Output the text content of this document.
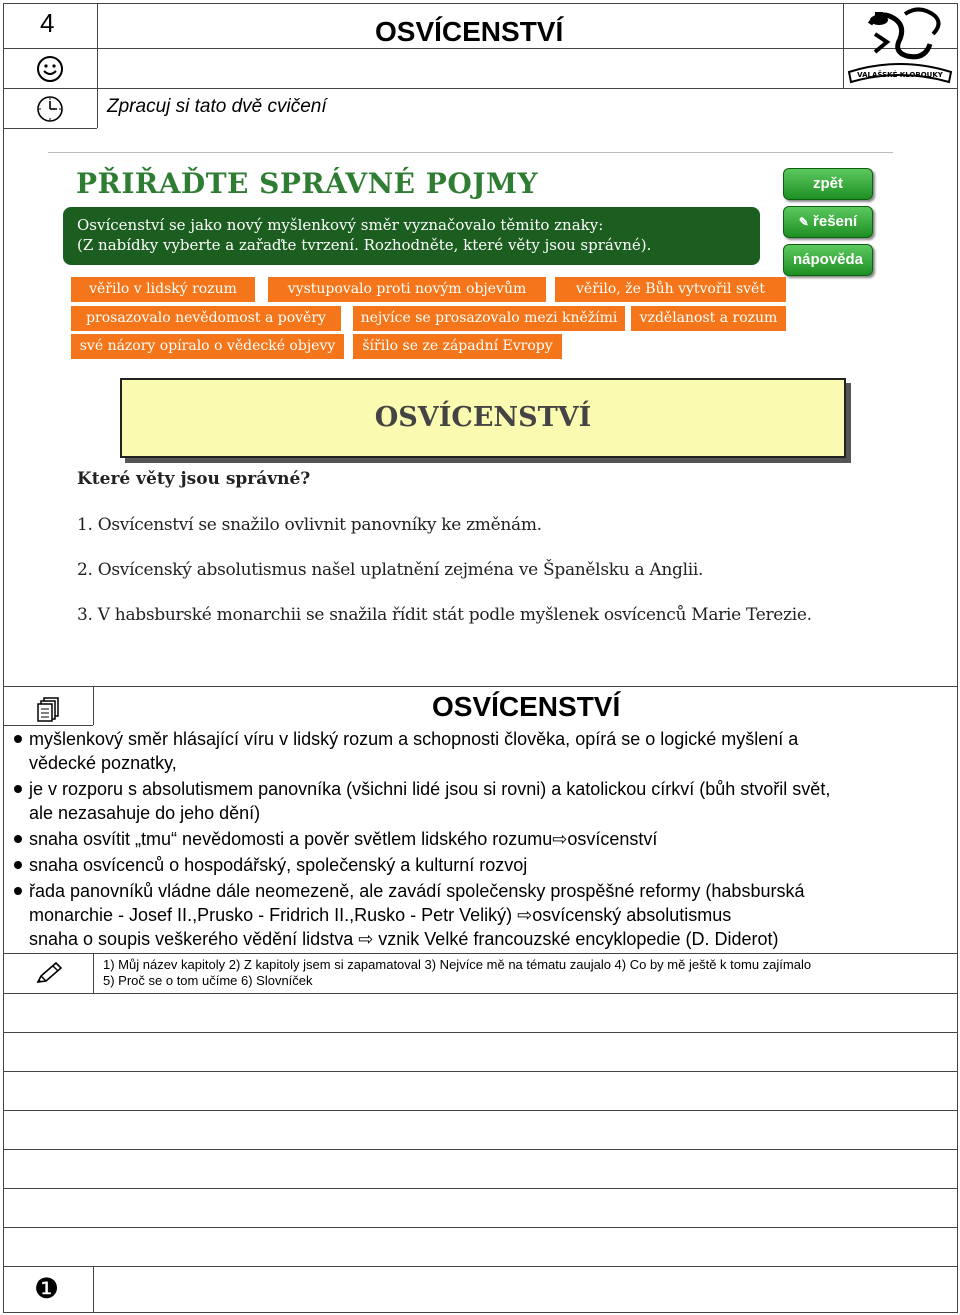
4	OSVÍCENSTVÍ
Zpracuj si tato dvě cvičení
VALAŠSKÉ KLOBOUKY
PŘIŘAĎTE SPRÁVNÉ POJMY
Osvícenství se jako nový myšlenkový směr vyznačovalo těmito znaky:
(Z nabídky vyberte a zařaďte tvrzení. Rozhodněte, které věty jsou správné).
zpět
✎ řešení
nápověda
věřilo v lidský rozum	vystupovalo proti novým objevům	věřilo, že Bůh vytvořil svět
prosazovalo nevědomost a pověry	nejvíce se prosazovalo mezi kněžími	vzdělanost a rozum
své názory opíralo o vědecké objevy	šířilo se ze západní Evropy
OSVÍCENSTVÍ
Které věty jsou správné?
1. Osvícenství se snažilo ovlivnit panovníky ke změnám.
2. Osvícenský absolutismus našel uplatnění zejména ve Španělsku a Anglii.
3. V habsburské monarchii se snažila řídit stát podle myšlenek osvícenců Marie Terezie.
OSVÍCENSTVÍ
myšlenkový směr hlásající víru v lidský rozum a schopnosti člověka, opírá se o logické myšlení a
vědecké poznatky,
je v rozporu s absolutismem panovníka (všichni lidé jsou si rovni) a katolickou církví (bůh stvořil svět,
ale nezasahuje do jeho dění)
snaha osvítit „tmu“ nevědomosti a pověr světlem lidského rozumu⇨osvícenství
snaha osvícenců o hospodářský, společenský a kulturní rozvoj
řada panovníků vládne dále neomezeně, ale zavádí společensky prospěšné reformy (habsburská
monarchie - Josef II.,Prusko - Fridrich II.,Rusko - Petr Veliký) ⇨osvícenský absolutismus
snaha o soupis veškerého vědění lidstva ⇨ vznik Velké francouzské encyklopedie (D. Diderot)
1) Můj název kapitoly 2) Z kapitoly jsem si zapamatoval 3) Nejvíce mě na tématu zaujalo 4) Co by mě ještě k tomu zajímalo
5) Proč se o tom učíme 6) Slovníček
❶
